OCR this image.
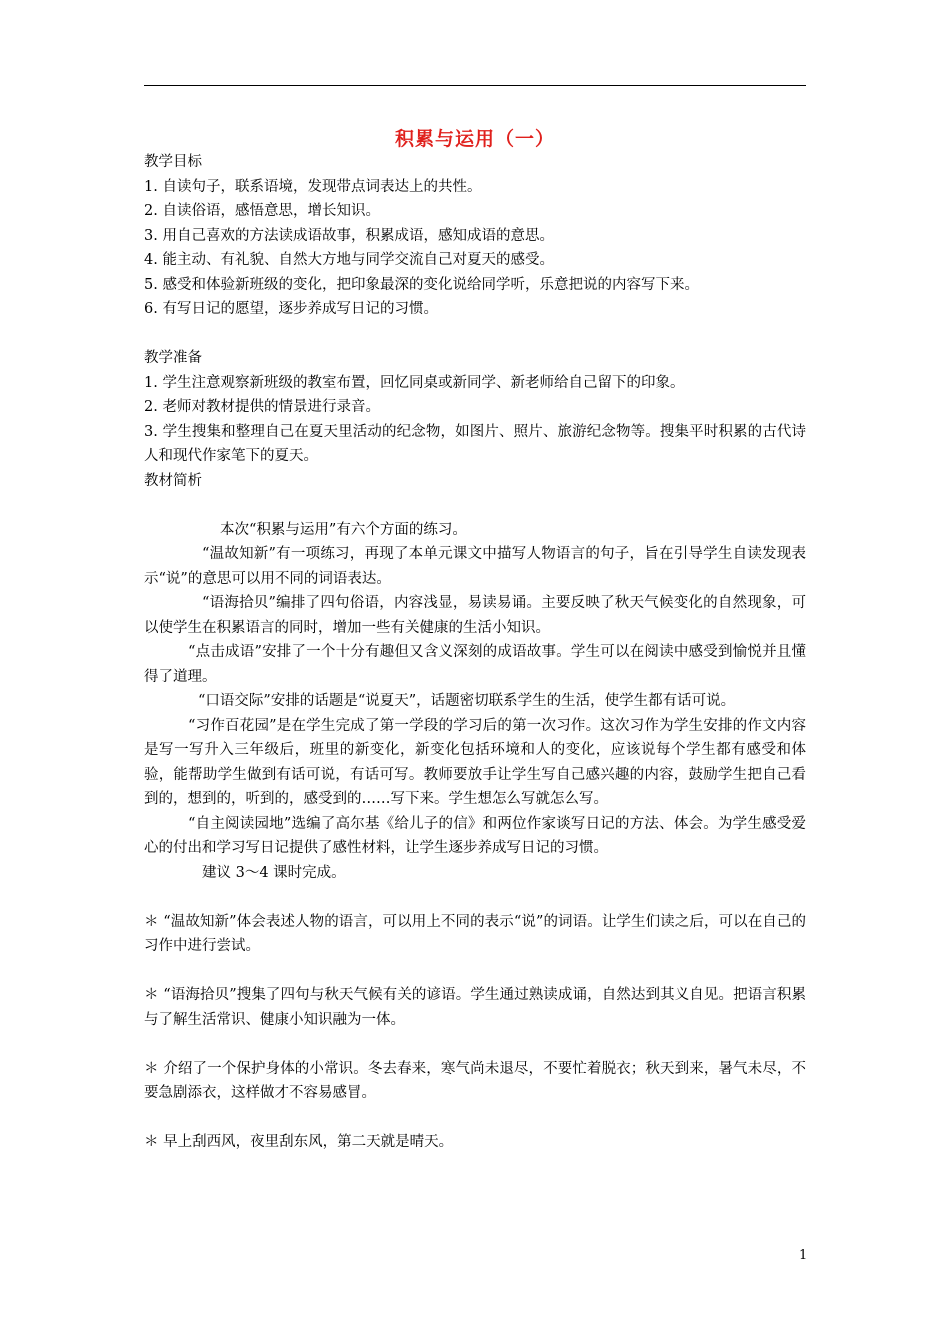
积累与运用（一）

教学目标

1. 自读句子，联系语境，发现带点词表达上的共性。

2. 自读俗语，感悟意思，增长知识。

3. 用自己喜欢的方法读成语故事，积累成语，感知成语的意思。

4. 能主动、有礼貌、自然大方地与同学交流自己对夏天的感受。

5. 感受和体验新班级的变化，把印象最深的变化说给同学听，乐意把说的内容写下来。

6. 有写日记的愿望，逐步养成写日记的习惯。

教学准备

1. 学生注意观察新班级的教室布置，回忆同桌或新同学、新老师给自己留下的印象。

2. 老师对教材提供的情景进行录音。

3. 学生搜集和整理自己在夏天里活动的纪念物，如图片、照片、旅游纪念物等。搜集平时积累的古代诗人和现代作家笔下的夏天。

教材简析

本次“积累与运用”有六个方面的练习。

“温故知新”有一项练习，再现了本单元课文中描写人物语言的句子，旨在引导学生自读发现表示“说”的意思可以用不同的词语表达。

“语海拾贝”编排了四句俗语，内容浅显，易读易诵。主要反映了秋天气候变化的自然现象，可以使学生在积累语言的同时，增加一些有关健康的生活小知识。

“点击成语”安排了一个十分有趣但又含义深刻的成语故事。学生可以在阅读中感受到愉悦并且懂得了道理。

“口语交际”安排的话题是“说夏天”，话题密切联系学生的生活，使学生都有话可说。

“习作百花园”是在学生完成了第一学段的学习后的第一次习作。这次习作为学生安排的作文内容是写一写升入三年级后，班里的新变化，新变化包括环境和人的变化，应该说每个学生都有感受和体验，能帮助学生做到有话可说，有话可写。教师要放手让学生写自己感兴趣的内容，鼓励学生把自己看到的，想到的，听到的，感受到的……写下来。学生想怎么写就怎么写。

“自主阅读园地”选编了高尔基《给儿子的信》和两位作家谈写日记的方法、体会。为学生感受爱心的付出和学习写日记提供了感性材料，让学生逐步养成写日记的习惯。

建议 3～4 课时完成。

＊ “温故知新”体会表述人物的语言，可以用上不同的表示“说”的词语。让学生们读之后，可以在自己的习作中进行尝试。

＊ “语海拾贝”搜集了四句与秋天气候有关的谚语。学生通过熟读成诵，自然达到其义自见。把语言积累与了解生活常识、健康小知识融为一体。

＊ 介绍了一个保护身体的小常识。冬去春来，寒气尚未退尽，不要忙着脱衣；秋天到来，暑气未尽，不要急剧添衣，这样做才不容易感冒。

＊ 早上刮西风，夜里刮东风，第二天就是晴天。

1
